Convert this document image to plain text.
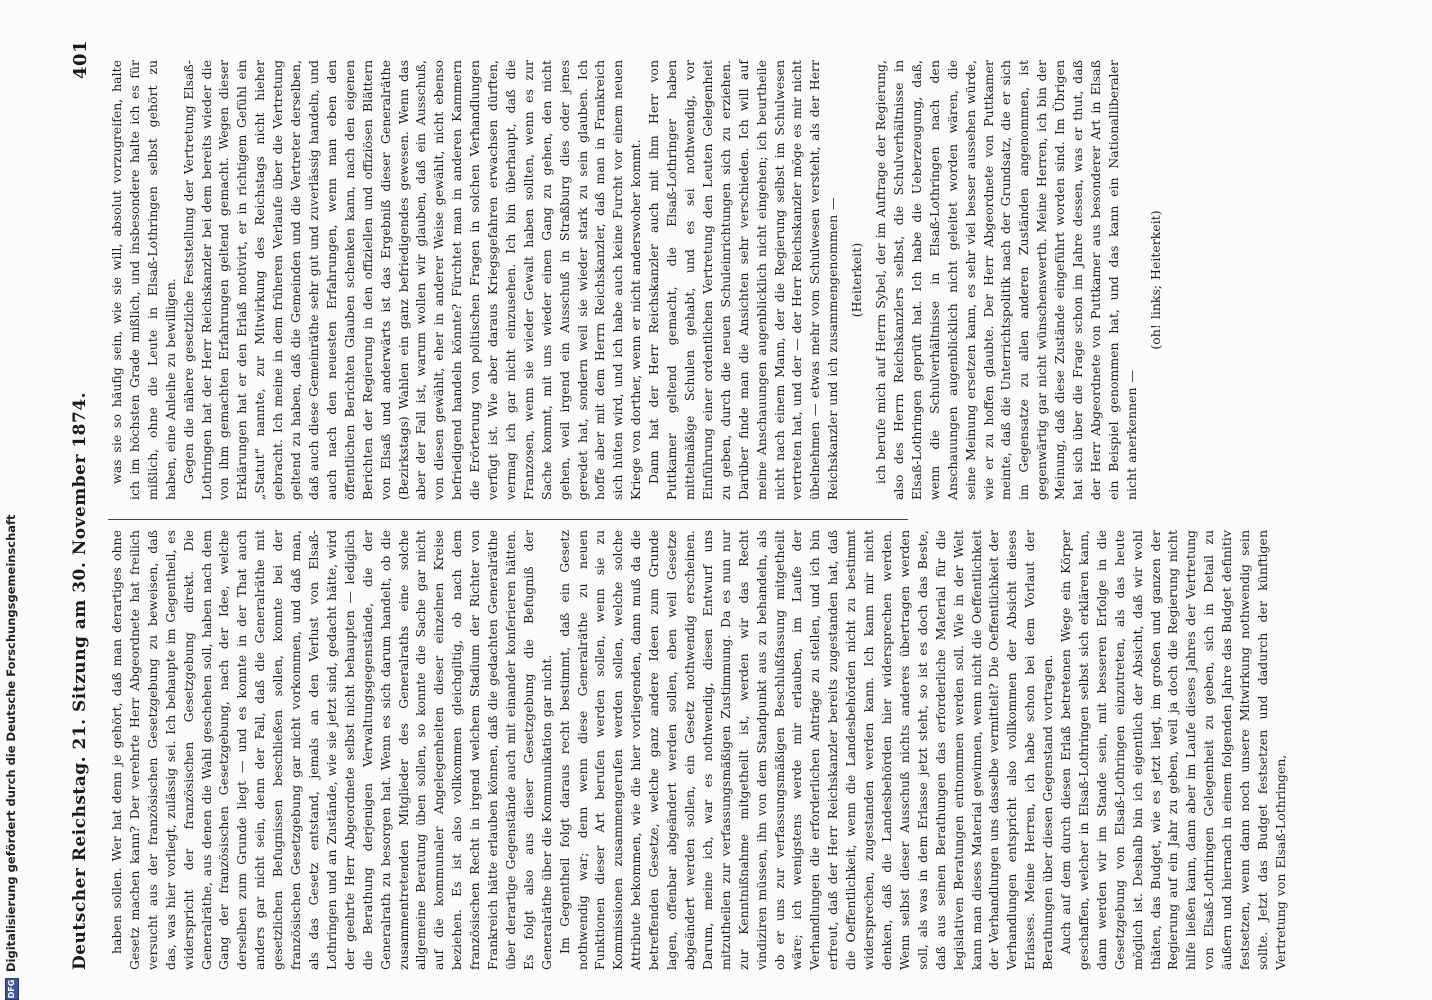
Deutscher Reichstag. 21. Sitzung am 30. November 1874.
401

haben sollen. Wer hat denn je gehört, daß man derartiges ohne Gesetz machen kann? Der verehrte Herr Abgeordnete hat freilich versucht aus der französischen Gesetzgebung zu beweisen, daß das, was hier vorliegt, zulässig sei. Ich behaupte im Gegentheil, es widerspricht der französischen Gesetzgebung direkt. Die Generalräthe, aus denen die Wahl geschehen soll, haben nach dem Gang der französischen Gesetzgebung, nach der Idee, welche derselben zum Grunde liegt — und es konnte in der That auch anders gar nicht sein, denn der Fall, daß die Generalräthe mit gesetzlichen Befugnissen beschließen sollen, konnte bei der französischen Gesetzgebung gar nicht vorkommen, und daß man, als das Gesetz entstand, jemals an den Verlust von Elsaß-Lothringen und an Zustände, wie sie jetzt sind, gedacht hätte, wird der geehrte Herr Abgeordnete selbst nicht behaupten — lediglich die Berathung derjenigen Verwaltungsgegenstände, die der Generalrath zu besorgen hat. Wenn es sich darum handelt, ob die zusammentretenden Mitglieder des Generalraths eine solche allgemeine Beratung üben sollen, so konnte die Sache gar nicht auf die kommunaler Angelegenheiten dieser einzelnen Kreise beziehen. Es ist also vollkommen gleichgiltig, ob nach dem französischen Recht in irgend welchem Stadium der Richter von Frankreich hätte erlauben können, daß die gedachten Generalräthe über derartige Gegenstände auch mit einander konferieren hätten. Es folgt also aus dieser Gesetzgebung die Befugniß der Generalräthe über die Kommunikation gar nicht. Im Gegentheil folgt daraus recht bestimmt, daß ein Gesetz nothwendig war; denn wenn diese Generalräthe zu neuen Funktionen dieser Art berufen werden sollen, wenn sie zu Kommissionen zusammengerufen werden sollen, welche solche Attribute bekommen, wie die hier vorliegenden, dann muß da die betreffenden Gesetze, welche ganz andere Ideen zum Grunde lagen, offenbar abgeändert werden sollen, eben weil Gesetze abgeändert werden sollen, ein Gesetz nothwendig erscheinen. Darum, meine ich, war es nothwendig, diesen Entwurf uns mitzutheilen zur verfassungsmäßigen Zustimmung. Da es nun nur zur Kenntnißnahme mitgetheilt ist, werden wir das Recht vindiziren müssen, ihn von dem Standpunkt aus zu behandeln, als ob er uns zur verfassungsmäßigen Beschlußfassung mitgetheilt wäre; ich wenigstens werde mir erlauben, im Laufe der Verhandlungen die erforderlichen Anträge zu stellen, und ich bin erfreut, daß der Herr Reichskanzler bereits zugestanden hat, daß die Oeffentlichkeit, wenn die Landesbehörden nicht zu bestimmt widersprechen, zugestanden werden kann. Ich kann mir nicht denken, daß die Landesbehörden hier widersprechen werden. Wenn selbst dieser Ausschuß nichts anderes übertragen werden soll, als was in dem Erlasse jetzt steht, so ist es doch das Beste, daß aus seinen Berathungen das erforderliche Material für die legislativen Beratungen entnommen werden soll. Wie in der Welt kann man dieses Material gewinnen, wenn nicht die Oeffentlichkeit der Verhandlungen uns dasselbe vermittelt? Die Oeffentlichkeit der Verhandlungen entspricht also vollkommen der Absicht dieses Erlasses. Meine Herren, ich habe schon bei dem Vorlaut der Berathungen über diesen Gegenstand vortragen. Auch auf dem durch diesen Erlaß betretenen Wege ein Körper geschaffen, welcher in Elsaß-Lothringen selbst sich erklären kann, dann werden wir im Stande sein, mit besseren Erfolge in die Gesetzgebung von Elsaß-Lothringen einzutreten, als das heute möglich ist. Deshalb bin ich eigentlich der Absicht, daß wir wohl thäten, das Budget, wie es jetzt liegt, im großen und ganzen der Regierung auf ein Jahr zu geben, weil ja doch die Regierung nicht hilfe ließen kann, dann aber im Laufe dieses Jahres der Vertretung von Elsaß-Lothringen Gelegenheit zu geben, sich in Detail zu äußern und hiernach in einem folgenden Jahre das Budget definitiv festsetzen, wenn dann noch unsere Mitwirkung nothwendig sein sollte. Jetzt das Budget festsetzen und dadurch der künftigen Vertretung von Elsaß-Lothringen,

was sie so häufig sein, wie sie will, absolut vorzugreifen, halte ich im höchsten Grade mißlich, und insbesondere halte ich es für mißlich, ohne die Leute in Elsaß-Lothringen selbst gehört zu haben, eine Anleihe zu bewilligen. Gegen die nähere gesetzliche Feststellung der Vertretung Elsaß-Lothringen hat der Herr Reichskanzler bei dem bereits wieder die von ihm gemachten Erfahrungen geltend gemacht. Wegen dieser Erklärungen hat er den Erlaß motivirt, er in richtigem Gefühl ein „Statut“ nannte, zur Mitwirkung des Reichstags nicht hieher gebracht. Ich meine in dem früheren Verlaufe über die Vertretung geltend zu haben, daß die Gemeinden und die Vertreter derselben, daß auch diese Gemeinräthe sehr gut und zuverlässig handeln, und auch nach den neuesten Erfahrungen, wenn man eben den öffentlichen Berichten Glauben schenken kann, nach den eigenen Berichten der Regierung in den offiziellen und offiziösen Blättern von Elsaß und anderwärts ist das Ergebniß dieser Generalräthe (Bezirkstags) Wahlen ein ganz befriedigendes gewesen. Wenn das aber der Fall ist, warum wollen wir glauben, daß ein Ausschuß, von diesen gewählt, eher in anderer Weise gewählt, nicht ebenso befriedigend handeln könnte? Fürchtet man in anderen Kammern die Erörterung von politischen Fragen in solchen Verhandlungen verfügt ist. Wie aber daraus Kriegsgefahren erwachsen dürften, vermag ich gar nicht einzusehen. Ich bin überhaupt, daß die Franzosen, wenn sie wieder Gewalt haben sollten, wenn es zur Sache kommt, mit uns wieder einen Gang zu gehen, den nicht gehen, weil irgend ein Ausschuß in Straßburg dies oder jenes geredet hat, sondern weil sie wieder stark zu sein glauben. Ich hoffe aber mit dem Herrn Reichskanzler, daß man in Frankreich sich hüten wird, und ich habe auch keine Furcht vor einem neuen Kriege von dorther, wenn er nicht anderswoher kommt. Dann hat der Herr Reichskanzler auch mit ihm Herr von Puttkamer geltend gemacht, die Elsaß-Lothringer haben mittelmäßige Schulen gehabt, und es sei nothwendig, vor Einführung einer ordentlichen Vertretung den Leuten Gelegenheit zu geben, durch die neuen Schuleinrichtungen sich zu erziehen. Darüber finde man die Ansichten sehr verschieden. Ich will auf meine Anschauungen augenblicklich nicht eingehen; ich beurtheile nicht nach einem Mann, der die Regierung selbst im Schulwesen vertreten hat, und der — der Herr Reichskanzler möge es mir nicht übelnehmen — etwas mehr vom Schulwesen versteht, als der Herr Reichskanzler und ich zusammengenommen — (Heiterkeit) ich berufe mich auf Herrn Sybel, der im Auftrage der Regierung, also des Herrn Reichskanzlers selbst, die Schulverhältnisse in Elsaß-Lothringen geprüft hat. Ich habe die Ueberzeugung, daß, wenn die Schulverhältnisse in Elsaß-Lothringen nach den Anschauungen augenblicklich nicht geleitet worden wären, die seine Meinung ersetzen kann, es sehr viel besser aussehen würde, wie er zu hoffen glaubte. Der Herr Abgeordnete von Puttkamer meinte, daß die Unterrichtspolitik nach der Grundsatz, die er sich im Gegensatze zu allen anderen Zuständen angenommen, ist gegenwärtig gar nicht wünschenswerth. Meine Herren, ich bin der Meinung, daß diese Zustände eingeführt worden sind. Im Übrigen hat sich über die Frage schon im Jahre dessen, was er thut, daß der Herr Abgeordnete von Puttkamer aus besonderer Art in Elsaß ein Beispiel genommen hat, und das kann ein Nationalliberaler nicht anerkennen —

(oh! links; Heiterkeit)

DFGDigitalisierung gefördert durch die Deutsche Forschungsgemeinschaft
